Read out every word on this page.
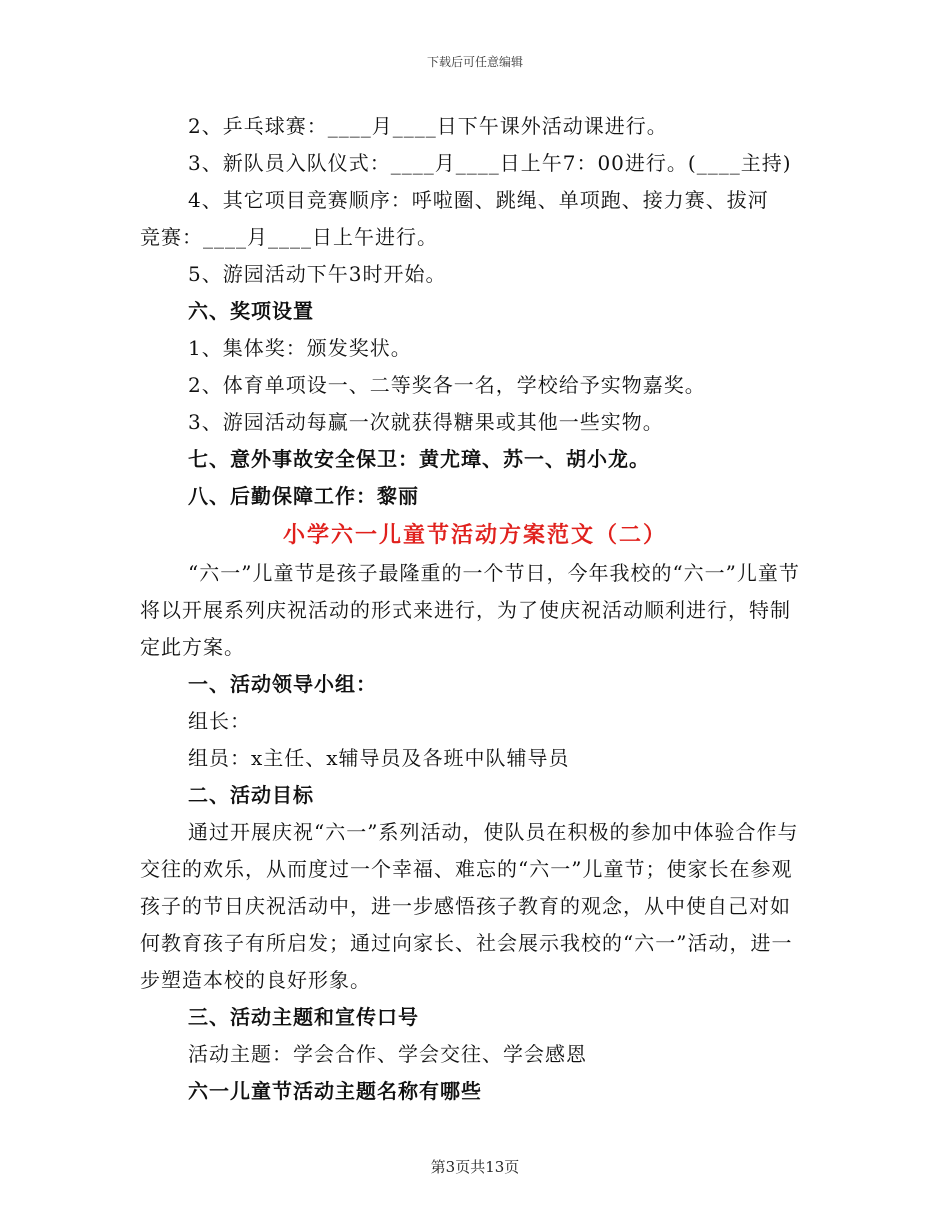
下载后可任意编辑
2、乒乓球赛：____月____日下午课外活动课进行。
3、新队员入队仪式：____月____日上午7：00进行。(____主持)
4、其它项目竞赛顺序：呼啦圈、跳绳、单项跑、接力赛、拔河
竞赛：____月____日上午进行。
5、游园活动下午3时开始。
六、奖项设置
1、集体奖：颁发奖状。
2、体育单项设一、二等奖各一名，学校给予实物嘉奖。
3、游园活动每赢一次就获得糖果或其他一些实物。
七、意外事故安全保卫：黄尤璋、苏一、胡小龙。
八、后勤保障工作：黎丽
小学六一儿童节活动方案范文（二）
“六一”儿童节是孩子最隆重的一个节日，今年我校的“六一”儿童节将以开展系列庆祝活动的形式来进行，为了使庆祝活动顺利进行，特制定此方案。
一、活动领导小组：
组长：
组员：x主任、x辅导员及各班中队辅导员
二、活动目标
通过开展庆祝“六一”系列活动，使队员在积极的参加中体验合作与交往的欢乐，从而度过一个幸福、难忘的“六一”儿童节；使家长在参观孩子的节日庆祝活动中，进一步感悟孩子教育的观念，从中使自己对如何教育孩子有所启发；通过向家长、社会展示我校的“六一”活动，进一步塑造本校的良好形象。
三、活动主题和宣传口号
活动主题：学会合作、学会交往、学会感恩
六一儿童节活动主题名称有哪些
第3页共13页
